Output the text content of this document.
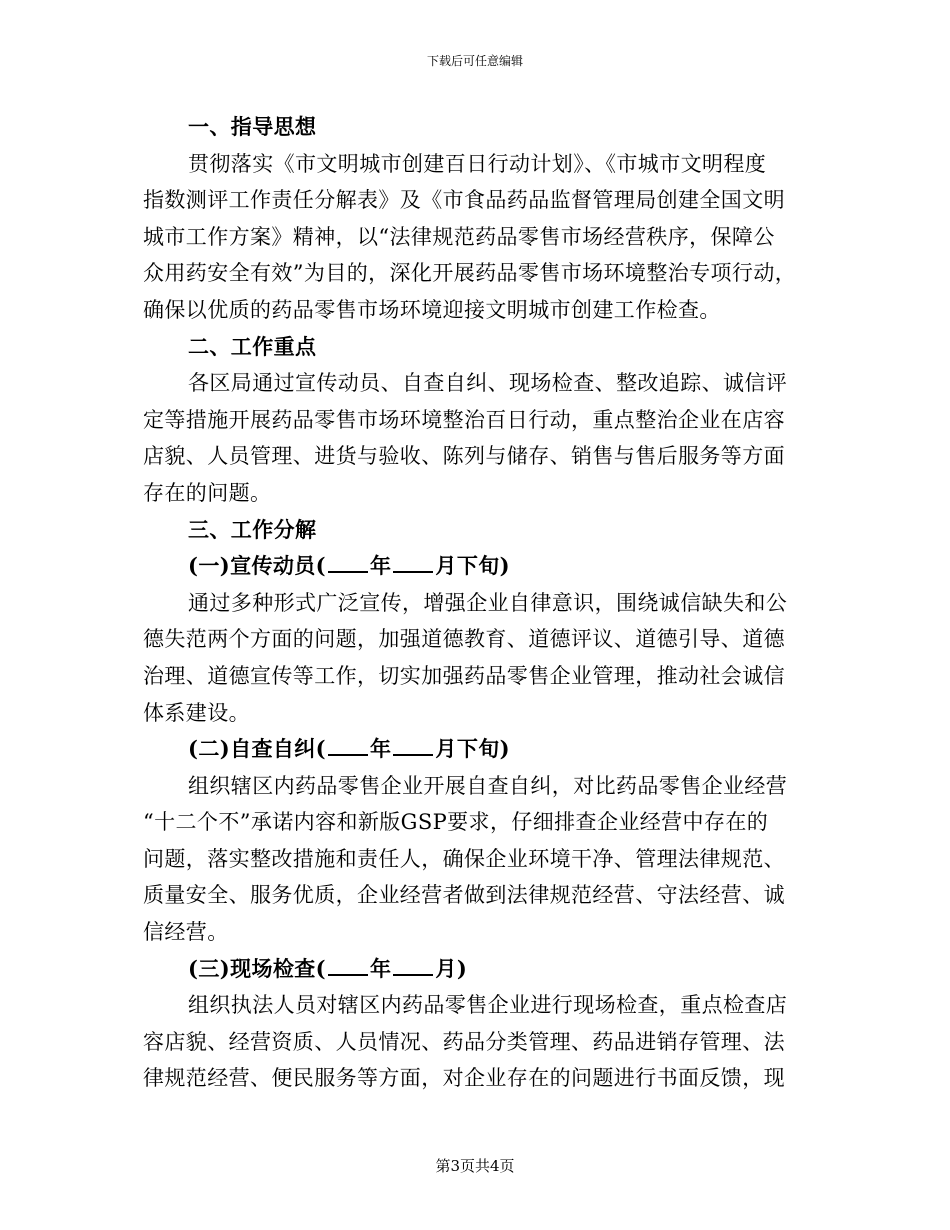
下载后可任意编辑
一、指导思想
贯彻落实《市文明城市创建百日行动计划》、《市城市文明程度
指数测评工作责任分解表》及《市食品药品监督管理局创建全国文明
城市工作方案》精神，以“法律规范药品零售市场经营秩序，保障公
众用药安全有效”为目的，深化开展药品零售市场环境整治专项行动，
确保以优质的药品零售市场环境迎接文明城市创建工作检查。
二、工作重点
各区局通过宣传动员、自查自纠、现场检查、整改追踪、诚信评
定等措施开展药品零售市场环境整治百日行动，重点整治企业在店容
店貌、人员管理、进货与验收、陈列与储存、销售与售后服务等方面
存在的问题。
三、工作分解
(一)宣传动员( 年 月下旬)
通过多种形式广泛宣传，增强企业自律意识，围绕诚信缺失和公
德失范两个方面的问题，加强道德教育、道德评议、道德引导、道德
治理、道德宣传等工作，切实加强药品零售企业管理，推动社会诚信
体系建设。
(二)自查自纠( 年 月下旬)
组织辖区内药品零售企业开展自查自纠，对比药品零售企业经营
“十二个不”承诺内容和新版GSP要求，仔细排查企业经营中存在的
问题，落实整改措施和责任人，确保企业环境干净、管理法律规范、
质量安全、服务优质，企业经营者做到法律规范经营、守法经营、诚
信经营。
(三)现场检查( 年 月)
组织执法人员对辖区内药品零售企业进行现场检查，重点检查店
容店貌、经营资质、人员情况、药品分类管理、药品进销存管理、法
律规范经营、便民服务等方面，对企业存在的问题进行书面反馈，现
第3页共4页
